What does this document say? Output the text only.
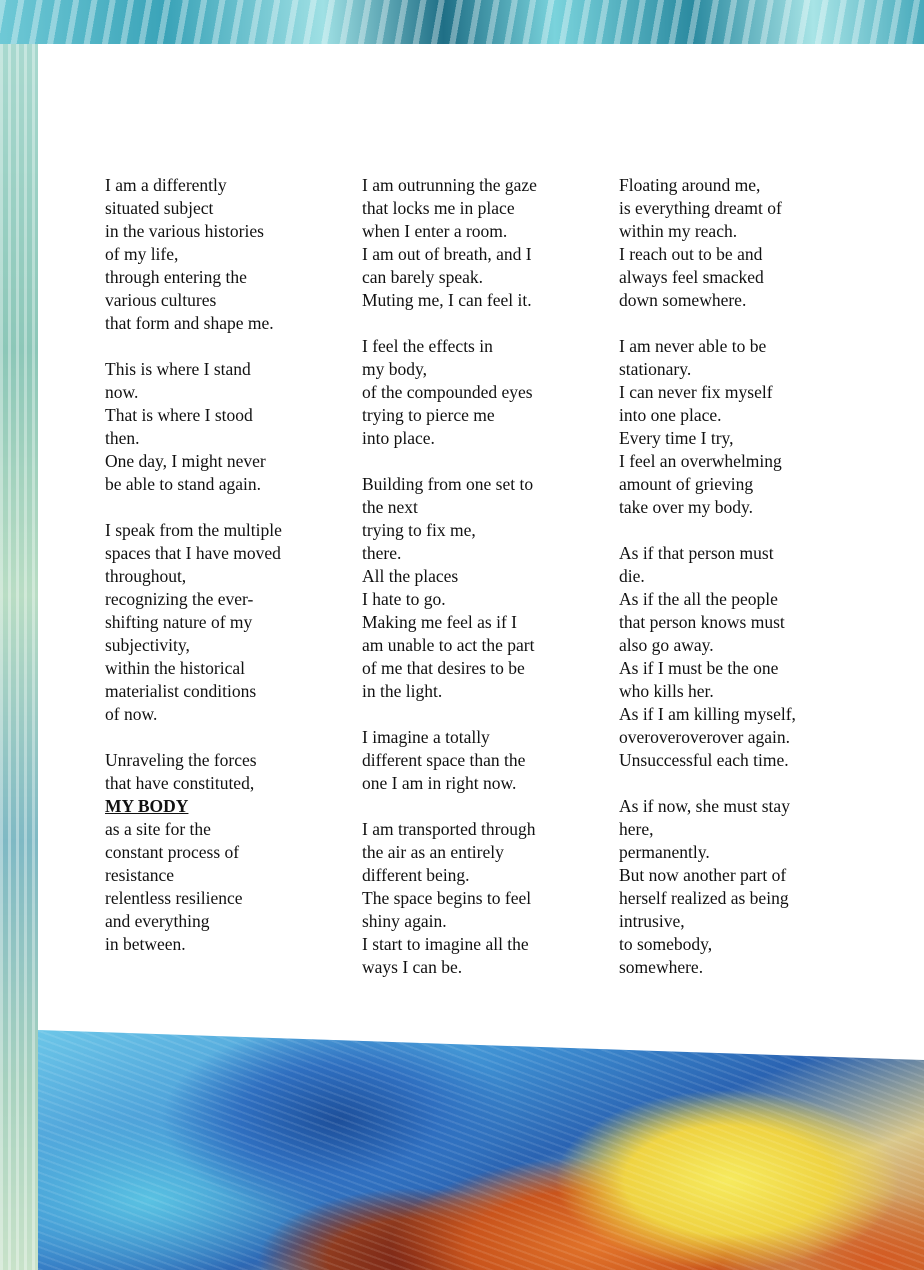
I am a differently
situated subject
in the various histories
of my life,
through entering the
various cultures
that form and shape me.
This is where I stand
now.
That is where I stood
then.
One day, I might never
be able to stand again.
I speak from the multiple
spaces that I have moved
throughout,
recognizing the ever-
shifting nature of my
subjectivity,
within the historical
materialist conditions
of now.
Unraveling the forces
that have constituted,
MY BODY
as a site for the
constant process of
resistance
relentless resilience
and everything
in between.
I am outrunning the gaze
that locks me in place
when I enter a room.
I am out of breath, and I
can barely speak.
Muting me, I can feel it.
I feel the effects in
my body,
of the compounded eyes
trying to pierce me
into place.
Building from one set to
the next
trying to fix me,
there.
All the places
I hate to go.
Making me feel as if I
am unable to act the part
of me that desires to be
in the light.
I imagine a totally
different space than the
one I am in right now.
I am transported through
the air as an entirely
different being.
The space begins to feel
shiny again.
I start to imagine all the
ways I can be.
Floating around me,
is everything dreamt of
within my reach.
I reach out to be and
always feel smacked
down somewhere.
I am never able to be
stationary.
I can never fix myself
into one place.
Every time I try,
I feel an overwhelming
amount of grieving
take over my body.
As if that person must
die.
As if the all the people
that person knows must
also go away.
As if I must be the one
who kills her.
As if I am killing myself,
overoveroverover again.
Unsuccessful each time.
As if now, she must stay
here,
permanently.
But now another part of
herself realized as being
intrusive,
to somebody,
somewhere.
